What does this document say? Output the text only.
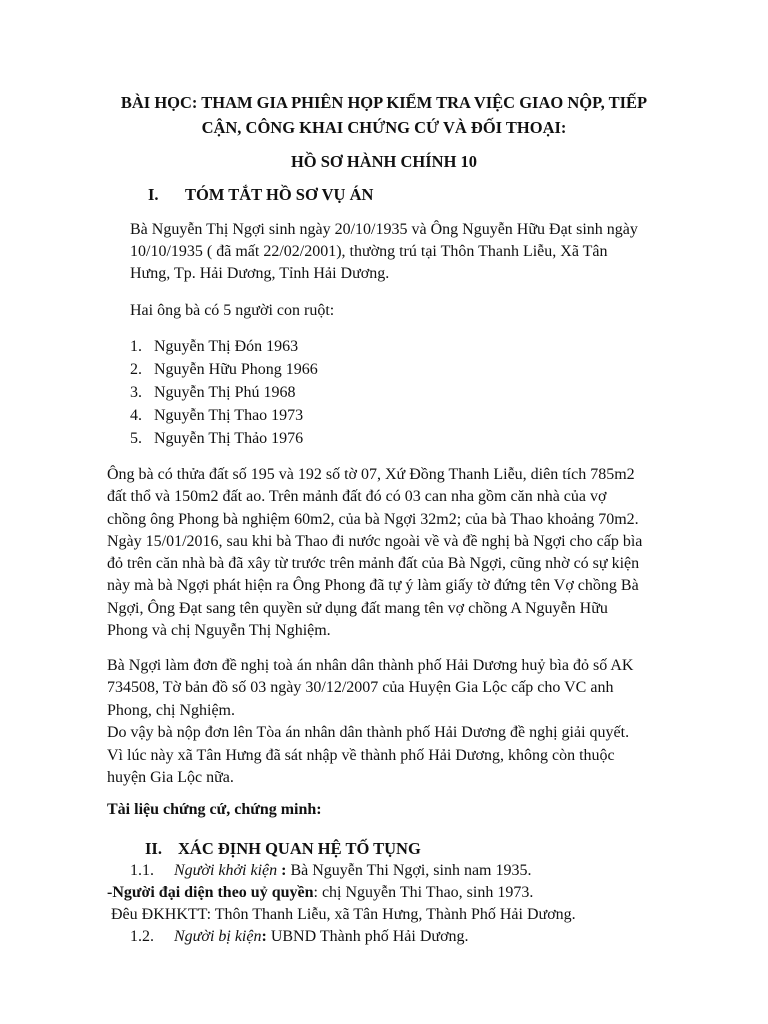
BÀI HỌC: THAM GIA PHIÊN HỌP KIỂM TRA VIỆC GIAO NỘP, TIẾP
CẬN, CÔNG KHAI CHỨNG CỨ VÀ ĐỐI THOẠI:
HỒ SƠ HÀNH CHÍNH 10
I. TÓM TẮT HỒ SƠ VỤ ÁN
Bà Nguyễn Thị Ngợi sinh ngày 20/10/1935 và Ông Nguyễn Hữu Đạt sinh ngày
10/10/1935 ( đã mất 22/02/2001), thường trú tại Thôn Thanh Liễu, Xã Tân
Hưng, Tp. Hải Dương, Tỉnh Hải Dương.
Hai ông bà có 5 người con ruột:
1. Nguyễn Thị Đón 1963
2. Nguyễn Hữu Phong 1966
3. Nguyễn Thị Phú 1968
4. Nguyễn Thị Thao 1973
5. Nguyễn Thị Thảo 1976
Ông bà có thửa đất số 195 và 192 số tờ 07, Xứ Đồng Thanh Liễu, diên tích 785m2
đất thổ và 150m2 đất ao. Trên mảnh đất đó có 03 can nha gồm căn nhà của vợ
chồng ông Phong bà nghiệm 60m2, của bà Ngợi 32m2; của bà Thao khoảng 70m2.
Ngày 15/01/2016, sau khi bà Thao đi nước ngoài về và đề nghị bà Ngợi cho cấp bìa
đỏ trên căn nhà bà đã xây từ trước trên mảnh đất của Bà Ngợi, cũng nhờ có sự kiện
này mà bà Ngợi phát hiện ra Ông Phong đã tự ý làm giấy tờ đứng tên Vợ chồng Bà
Ngợi, Ông Đạt sang tên quyền sử dụng đất mang tên vợ chồng A Nguyễn Hữu
Phong và chị Nguyễn Thị Nghiệm.
Bà Ngợi làm đơn đề nghị toà án nhân dân thành phố Hải Dương huỷ bìa đỏ số AK
734508, Tờ bản đồ số 03 ngày 30/12/2007 của Huyện Gia Lộc cấp cho VC anh
Phong, chị Nghiệm.
Do vậy bà nộp đơn lên Tòa án nhân dân thành phố Hải Dương đề nghị giải quyết.
Vì lúc này xã Tân Hưng đã sát nhập về thành phố Hải Dương, không còn thuộc
huyện Gia Lộc nữa.
Tài liệu chứng cứ, chứng minh:
II. XÁC ĐỊNH QUAN HỆ TỐ TỤNG
1.1. Người khởi kiện : Bà Nguyễn Thi Ngợi, sinh nam 1935.
-Người đại diện theo uỷ quyền: chị Nguyễn Thi Thao, sinh 1973.
Đêu ĐKHKTT: Thôn Thanh Liễu, xã Tân Hưng, Thành Phố Hải Dương.
1.2. Người bị kiện: UBND Thành phố Hải Dương.
